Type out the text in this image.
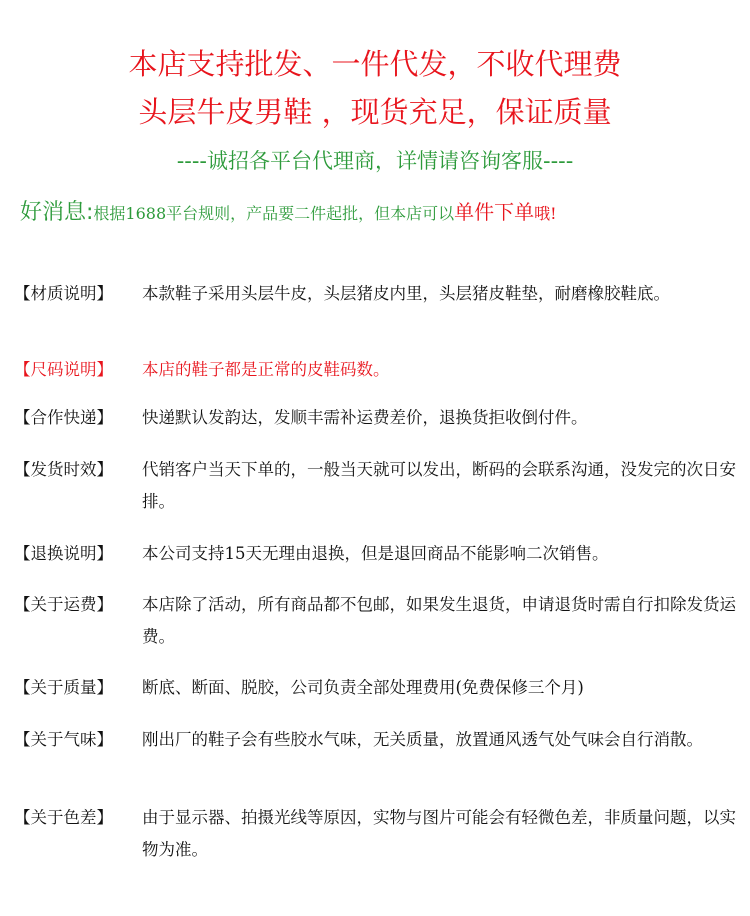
本店支持批发、一件代发，不收代理费
头层牛皮男鞋 ，现货充足，保证质量
----诚招各平台代理商，详情请咨询客服----
好消息:根据1688平台规则，产品要二件起批，但本店可以单件下单哦!
【材质说明】 本款鞋子采用头层牛皮，头层猪皮内里，头层猪皮鞋垫，耐磨橡胶鞋底。
【尺码说明】 本店的鞋子都是正常的皮鞋码数。
【合作快递】 快递默认发韵达，发顺丰需补运费差价，退换货拒收倒付件。
【发货时效】 代销客户当天下单的，一般当天就可以发出，断码的会联系沟通，没发完的次日安排。
【退换说明】 本公司支持15天无理由退换，但是退回商品不能影响二次销售。
【关于运费】 本店除了活动，所有商品都不包邮，如果发生退货，申请退货时需自行扣除发货运费。
【关于质量】 断底、断面、脱胶，公司负责全部处理费用(免费保修三个月)
【关于气味】 刚出厂的鞋子会有些胶水气味，无关质量，放置通风透气处气味会自行消散。
【关于色差】 由于显示器、拍摄光线等原因，实物与图片可能会有轻微色差，非质量问题，以实物为准。
